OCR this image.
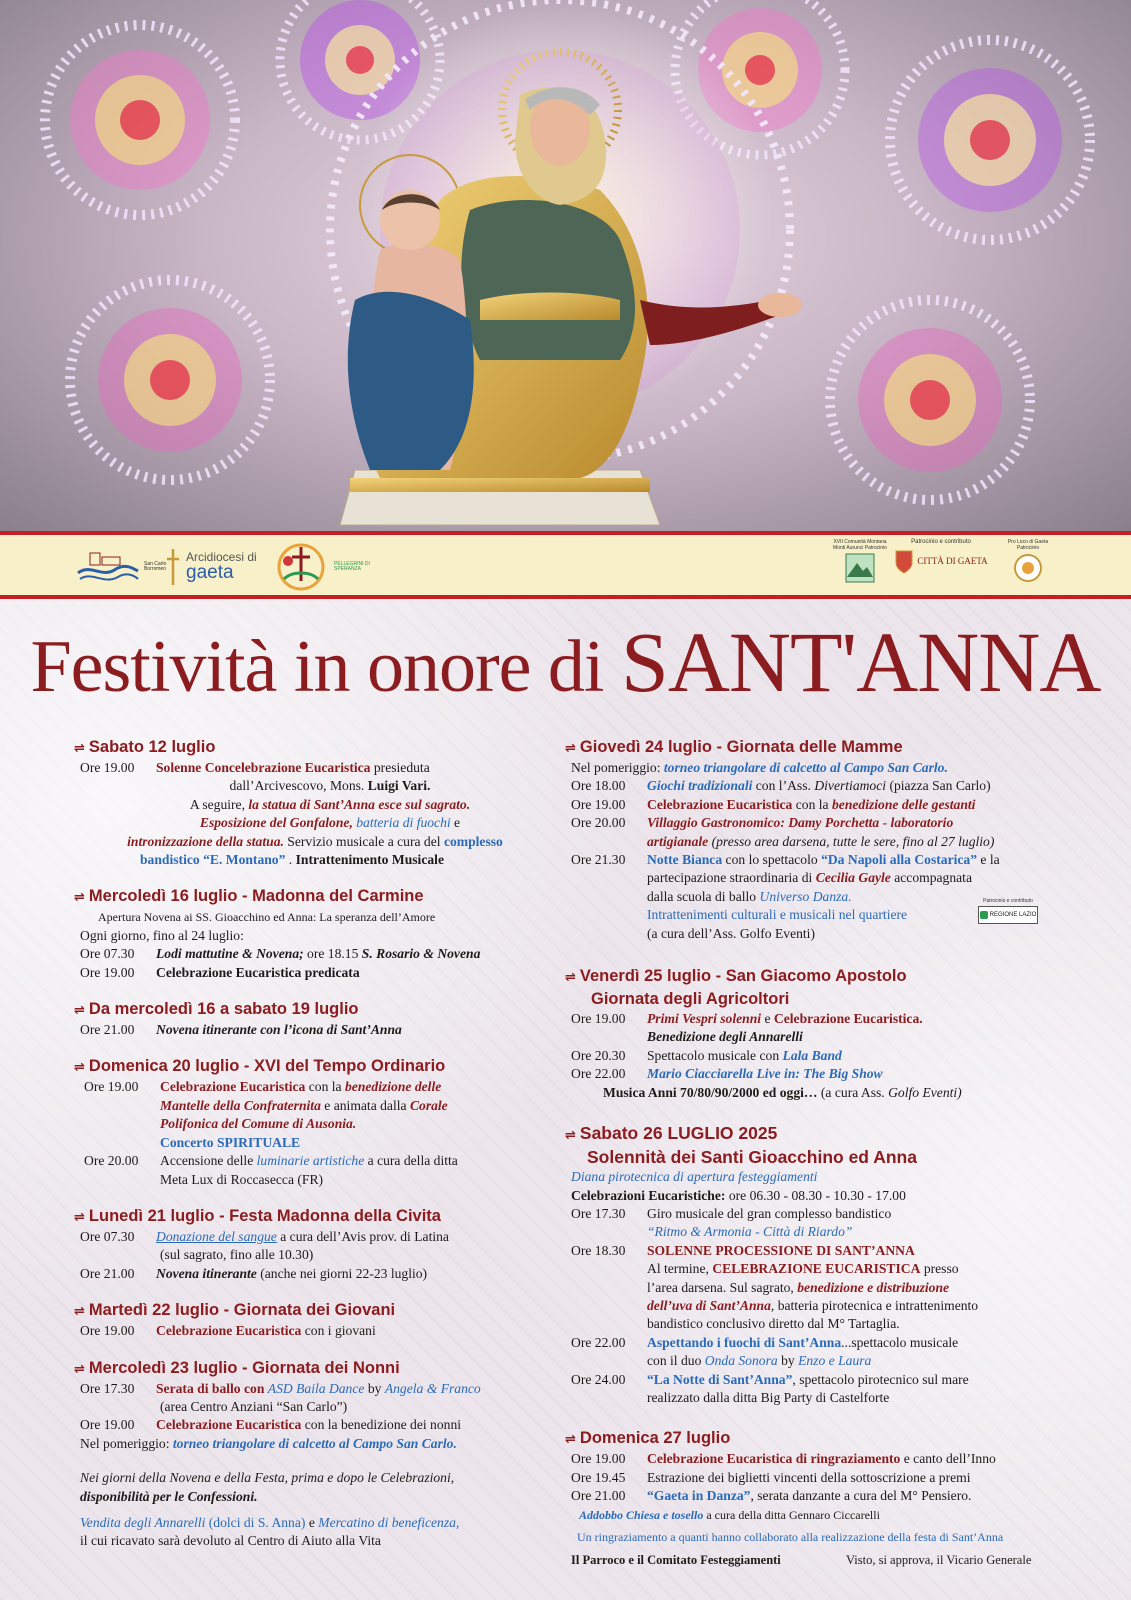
San Carlo Borromeo
Arcidiocesi di
gaeta	PELLEGRINI DI SPERANZA
XVII Comunità Montana Monti Aurunci Patrocinio
Patrocinio e contributo
CITTÀ DI GAETA
Pro Loco di Gaeta Patrocinio
Festività in onore di SANT'ANNA
⇌ Sabato 12 luglio
Ore 19.00	Solenne Concelebrazione Eucaristica presieduta
dall’Arcivescovo, Mons. Luigi Vari.
A seguire, la statua di Sant’Anna esce sul sagrato.
Esposizione del Gonfalone, batteria di fuochi e
intronizzazione della statua. Servizio musicale a cura del complesso
bandistico “E. Montano” . Intrattenimento Musicale
⇌ Mercoledì 16 luglio - Madonna del Carmine
Apertura Novena ai SS. Gioacchino ed Anna: La speranza dell’Amore
Ogni giorno, fino al 24 luglio:
Ore 07.30	Lodi mattutine & Novena; ore 18.15 S. Rosario & Novena
Ore 19.00	Celebrazione Eucaristica predicata
⇌ Da mercoledì 16 a sabato 19 luglio
Ore 21.00	Novena itinerante con l’icona di Sant’Anna
⇌ Domenica 20 luglio - XVI del Tempo Ordinario
Ore 19.00	Celebrazione Eucaristica con la benedizione delle
Mantelle della Confraternita e animata dalla Corale
Polifonica del Comune di Ausonia.
Concerto SPIRITUALE
Ore 20.00	Accensione delle luminarie artistiche a cura della ditta
Meta Lux di Roccasecca (FR)
⇌ Lunedì 21 luglio - Festa Madonna della Civita
Ore 07.30	Donazione del sangue a cura dell’Avis prov. di Latina
(sul sagrato, fino alle 10.30)
Ore 21.00	Novena itinerante (anche nei giorni 22-23 luglio)
⇌ Martedì 22 luglio - Giornata dei Giovani
Ore 19.00	Celebrazione Eucaristica con i giovani
⇌ Mercoledì 23 luglio - Giornata dei Nonni
Ore 17.30	Serata di ballo con ASD Baila Dance by Angela & Franco
(area Centro Anziani “San Carlo”)
Ore 19.00	Celebrazione Eucaristica con la benedizione dei nonni
Nel pomeriggio: torneo triangolare di calcetto al Campo San Carlo.
Nei giorni della Novena e della Festa, prima e dopo le Celebrazioni,
disponibilità per le Confessioni.
Vendita degli Annarelli (dolci di S. Anna) e Mercatino di beneficenza,
il cui ricavato sarà devoluto al Centro di Aiuto alla Vita
⇌ Giovedì 24 luglio - Giornata delle Mamme
Nel pomeriggio: torneo triangolare di calcetto al Campo San Carlo.
Ore 18.00	Giochi tradizionali con l’Ass. Divertiamoci (piazza San Carlo)
Ore 19.00	Celebrazione Eucaristica con la benedizione delle gestanti
Ore 20.00	Villaggio Gastronomico: Damy Porchetta - laboratorio
artigianale (presso area darsena, tutte le sere, fino al 27 luglio)
Ore 21.30	Notte Bianca con lo spettacolo “Da Napoli alla Costarica” e la
partecipazione straordinaria di Cecilia Gayle accompagnata
dalla scuola di ballo Universo Danza.
Intrattenimenti culturali e musicali nel quartiere
(a cura dell’Ass. Golfo Eventi)
⇌ Venerdì 25 luglio - San Giacomo Apostolo
Giornata degli Agricoltori
Ore 19.00	Primi Vespri solenni e Celebrazione Eucaristica.
Benedizione degli Annarelli
Ore 20.30	Spettacolo musicale con Lala Band
Ore 22.00	Mario Ciacciarella Live in: The Big Show
Musica Anni 70/80/90/2000 ed oggi… (a cura Ass. Golfo Eventi)
⇌ Sabato 26 LUGLIO 2025
Solennità dei Santi Gioacchino ed Anna
Diana pirotecnica di apertura festeggiamenti
Celebrazioni Eucaristiche: ore 06.30 - 08.30 - 10.30 - 17.00
Ore 17.30	Giro musicale del gran complesso bandistico
“Ritmo & Armonia - Città di Riardo”
Ore 18.30	SOLENNE PROCESSIONE DI SANT’ANNA
Al termine, CELEBRAZIONE EUCARISTICA presso
l’area darsena. Sul sagrato, benedizione e distribuzione
dell’uva di Sant’Anna, batteria pirotecnica e intrattenimento
bandistico conclusivo diretto dal M° Tartaglia.
Ore 22.00	Aspettando i fuochi di Sant’Anna...spettacolo musicale
con il duo Onda Sonora by Enzo e Laura
Ore 24.00	“La Notte di Sant’Anna”, spettacolo pirotecnico sul mare
realizzato dalla ditta Big Party di Castelforte
⇌ Domenica 27 luglio
Ore 19.00	Celebrazione Eucaristica di ringraziamento e canto dell’Inno
Ore 19.45	Estrazione dei biglietti vincenti della sottoscrizione a premi
Ore 21.00	“Gaeta in Danza”, serata danzante a cura del M° Pensiero.
Addobbo Chiesa e tosello a cura della ditta Gennaro Ciccarelli
Un ringraziamento a quanti hanno collaborato alla realizzazione della festa di Sant’Anna
Patrocinio e contributo
REGIONE LAZIO
Il Parroco e il Comitato Festeggiamenti	Visto, si approva, il Vicario Generale
